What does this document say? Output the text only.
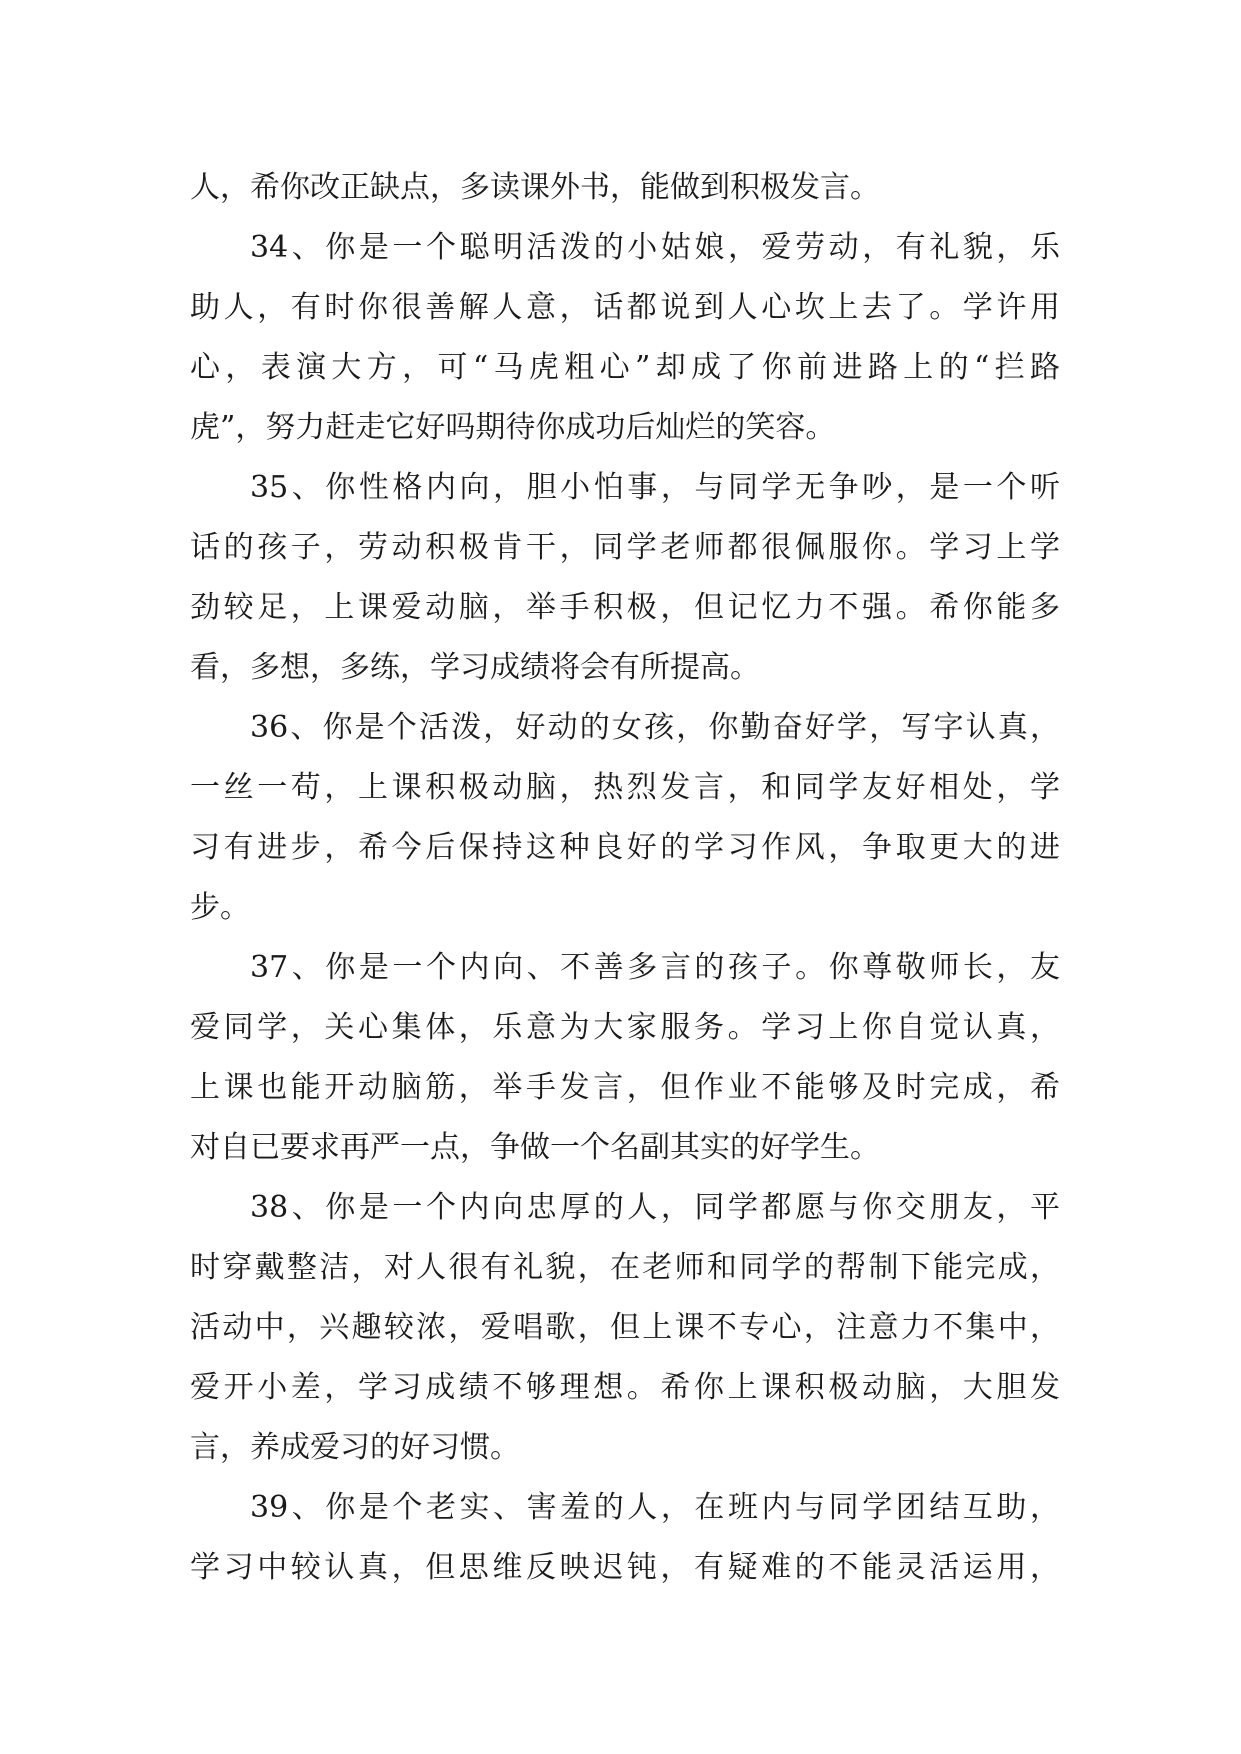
人，希你改正缺点，多读课外书，能做到积极发言。
34、你是一个聪明活泼的小姑娘，爱劳动，有礼貌，乐
助人，有时你很善解人意，话都说到人心坎上去了。学许用
心，表演大方，可“马虎粗心”却成了你前进路上的“拦路
虎”，努力赶走它好吗期待你成功后灿烂的笑容。
35、你性格内向，胆小怕事，与同学无争吵，是一个听
话的孩子，劳动积极肯干，同学老师都很佩服你。学习上学
劲较足，上课爱动脑，举手积极，但记忆力不强。希你能多
看，多想，多练，学习成绩将会有所提高。
36、你是个活泼，好动的女孩，你勤奋好学，写字认真，
一丝一苟，上课积极动脑，热烈发言，和同学友好相处，学
习有进步，希今后保持这种良好的学习作风，争取更大的进
步。
37、你是一个内向、不善多言的孩子。你尊敬师长，友
爱同学，关心集体，乐意为大家服务。学习上你自觉认真，
上课也能开动脑筋，举手发言，但作业不能够及时完成，希
对自已要求再严一点，争做一个名副其实的好学生。
38、你是一个内向忠厚的人，同学都愿与你交朋友，平
时穿戴整洁，对人很有礼貌，在老师和同学的帮制下能完成，
活动中，兴趣较浓，爱唱歌，但上课不专心，注意力不集中，
爱开小差，学习成绩不够理想。希你上课积极动脑，大胆发
言，养成爱习的好习惯。
39、你是个老实、害羞的人，在班内与同学团结互助，
学习中较认真，但思维反映迟钝，有疑难的不能灵活运用，
